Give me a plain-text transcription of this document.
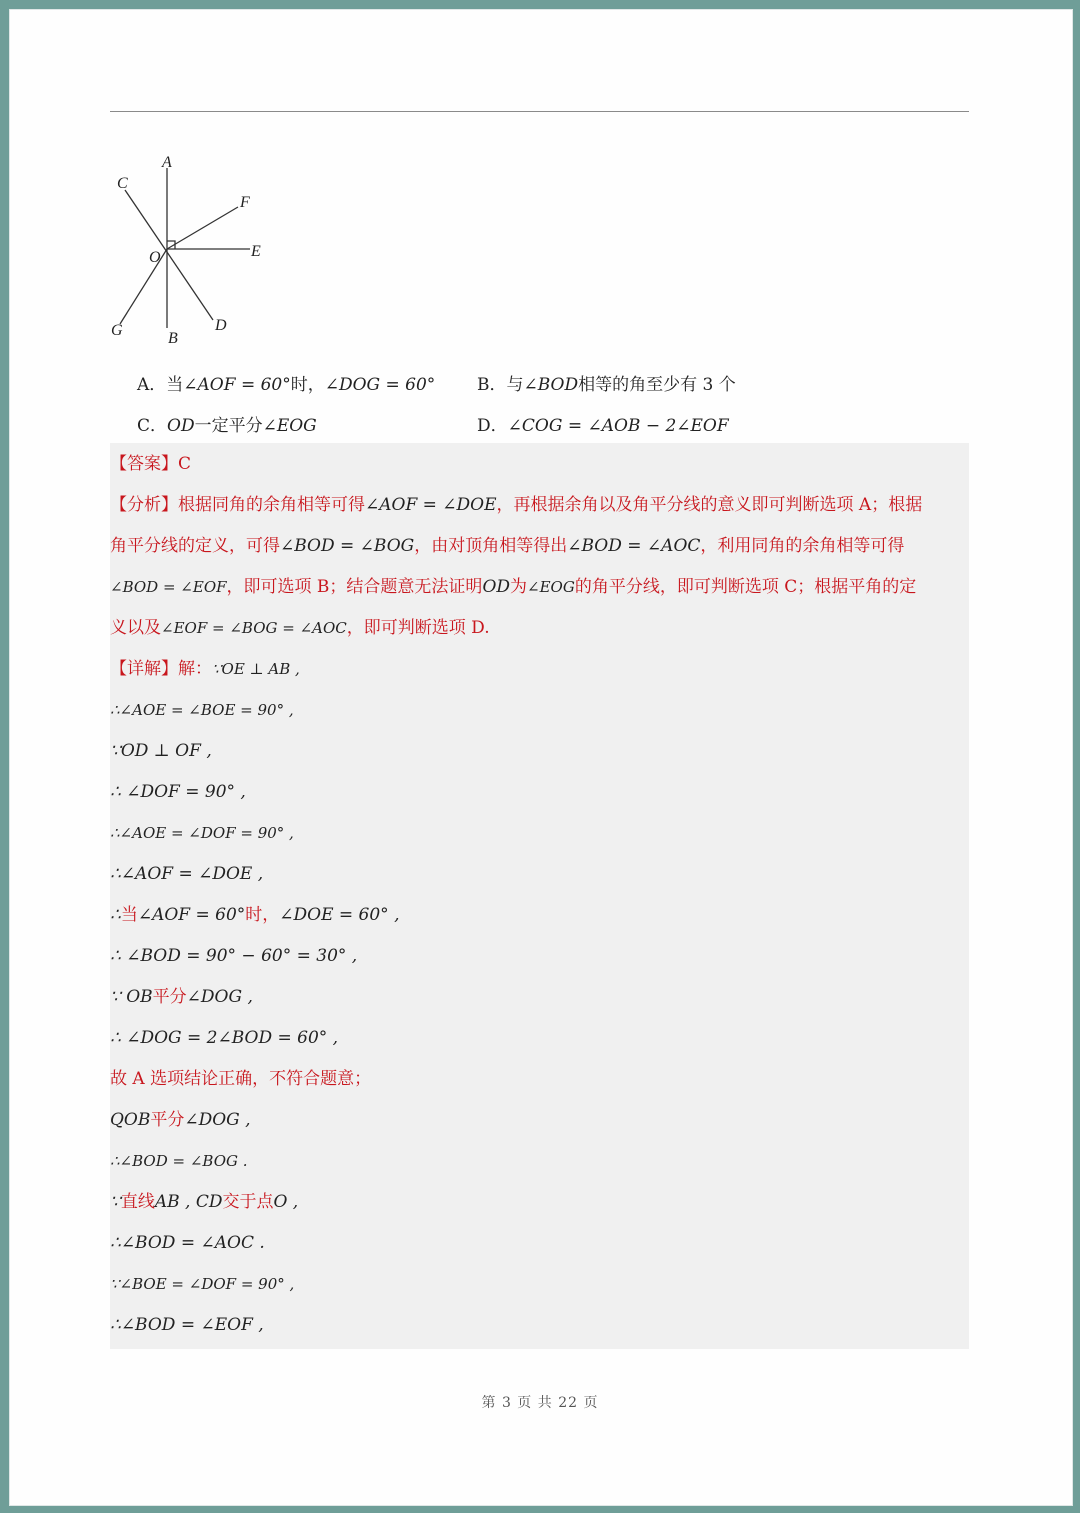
A
B
C
D
E
F
G
O
A．当∠AOF = 60°时，∠DOG = 60° B．与∠BOD相等的角至少有 3 个
C．OD一定平分∠EOG	D．∠COG = ∠AOB − 2∠EOF
【答案】C
【分析】根据同角的余角相等可得∠AOF = ∠DOE，再根据余角以及角平分线的意义即可判断选项 A；根据
角平分线的定义，可得∠BOD = ∠BOG，由对顶角相等得出∠BOD = ∠AOC，利用同角的余角相等可得
∠BOD = ∠EOF，即可选项 B；结合题意无法证明OD为∠EOG的角平分线，即可判断选项 C；根据平角的定
义以及∠EOF = ∠BOG = ∠AOC，即可判断选项 D.
【详解】解：∵OE ⊥ AB ,
∴∠AOE = ∠BOE = 90° ,
∵OD ⊥ OF ,
∴ ∠DOF = 90° ,
∴∠AOE = ∠DOF = 90° ,
∴∠AOF = ∠DOE ,
∴当∠AOF = 60°时，∠DOE = 60° ,
∴ ∠BOD = 90° − 60° = 30° ,
∵ OB平分∠DOG ,
∴ ∠DOG = 2∠BOD = 60° ,
故 A 选项结论正确，不符合题意；
QOB平分∠DOG ,
∴∠BOD = ∠BOG .
∵直线AB , CD交于点O ,
∴∠BOD = ∠AOC .
∵∠BOE = ∠DOF = 90° ,
∴∠BOD = ∠EOF ,
第 3 页 共 22 页
